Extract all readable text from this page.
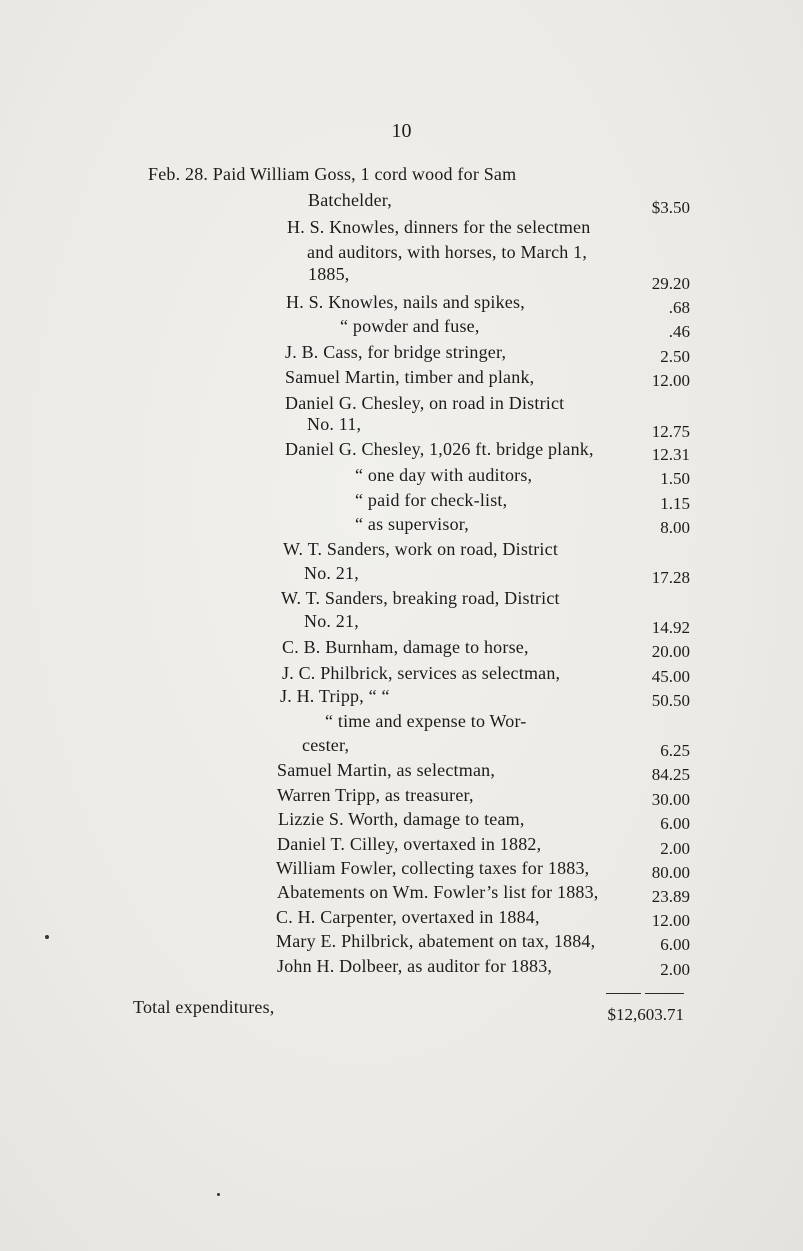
10
Feb. 28. Paid William Goss, 1 cord wood for Sam
Batchelder,	$3.50
H. S. Knowles, dinners for the selectmen
and auditors, with horses, to March 1,
1885,	29.20
H. S. Knowles, nails and spikes,	.68
“ powder and fuse,	.46
J. B. Cass, for bridge stringer,	2.50
Samuel Martin, timber and plank,	12.00
Daniel G. Chesley, on road in District
No. 11,	12.75
Daniel G. Chesley, 1,026 ft. bridge plank,	12.31
“ one day with auditors,	1.50
“ paid for check-list,	1.15
“ as supervisor,	8.00
W. T. Sanders, work on road, District
No. 21,	17.28
W. T. Sanders, breaking road, District
No. 21,	14.92
C. B. Burnham, damage to horse,	20.00
J. C. Philbrick, services as selectman,	45.00
J. H. Tripp, “ “	50.50
“ time and expense to Wor-
cester,	6.25
Samuel Martin, as selectman,	84.25
Warren Tripp, as treasurer,	30.00
Lizzie S. Worth, damage to team,	6.00
Daniel T. Cilley, overtaxed in 1882,	2.00
William Fowler, collecting taxes for 1883,	80.00
Abatements on Wm. Fowler’s list for 1883,	23.89
C. H. Carpenter, overtaxed in 1884,	12.00
Mary E. Philbrick, abatement on tax, 1884,	6.00
John H. Dolbeer, as auditor for 1883,	2.00
Total expenditures,	$12,603.71
